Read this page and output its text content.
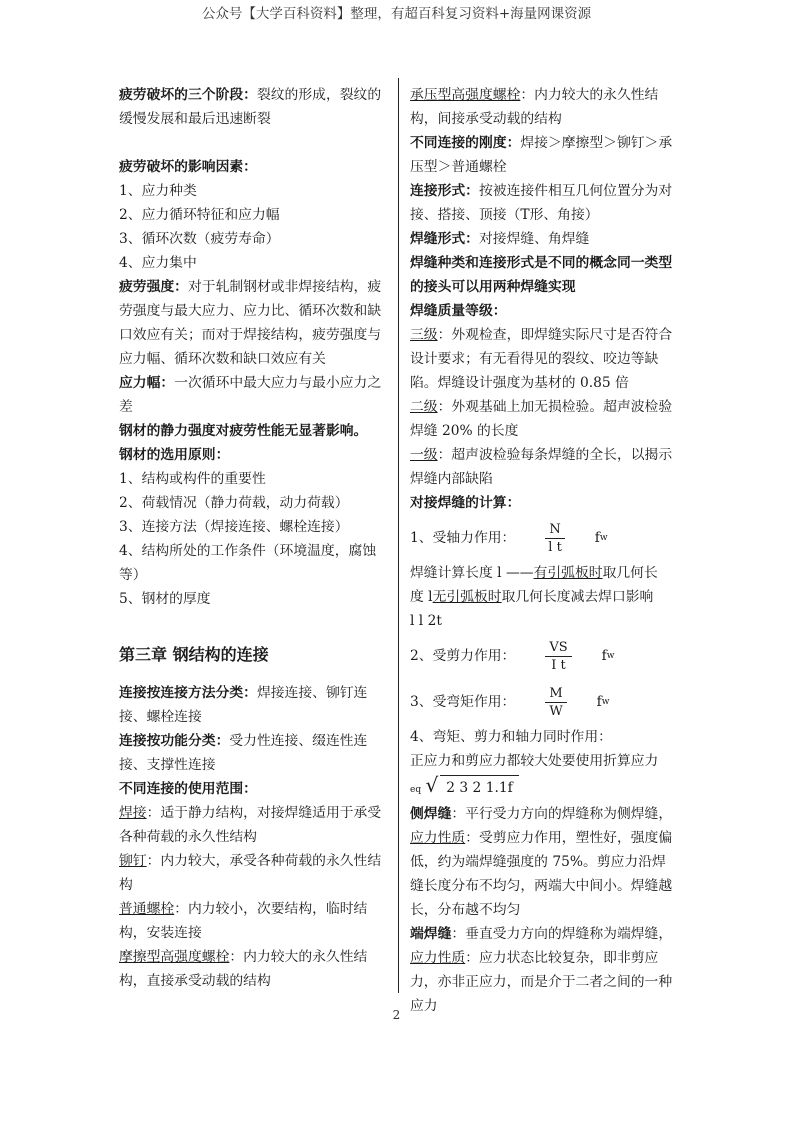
公众号【大学百科资料】整理，有超百科复习资料+海量网课资源

疲劳破坏的三个阶段：裂纹的形成，裂纹的缓慢发展和最后迅速断裂

疲劳破坏的影响因素：

1、应力种类

2、应力循环特征和应力幅

3、循环次数（疲劳寿命）

4、应力集中

疲劳强度：对于轧制钢材或非焊接结构，疲劳强度与最大应力、应力比、循环次数和缺口效应有关；而对于焊接结构，疲劳强度与应力幅、循环次数和缺口效应有关

应力幅：一次循环中最大应力与最小应力之差

钢材的静力强度对疲劳性能无显著影响。

钢材的选用原则：

1、结构或构件的重要性

2、荷载情况（静力荷载，动力荷载）

3、连接方法（焊接连接、螺栓连接）

4、结构所处的工作条件（环境温度，腐蚀等）

5、钢材的厚度

第三章 钢结构的连接

连接按连接方法分类：焊接连接、铆钉连接、螺栓连接

连接按功能分类：受力性连接、缀连性连接、支撑性连接

不同连接的使用范围：

焊接：适于静力结构，对接焊缝适用于承受各种荷载的永久性结构

铆钉：内力较大，承受各种荷载的永久性结构

普通螺栓：内力较小，次要结构，临时结构，安装连接

摩擦型高强度螺栓：内力较大的永久性结构，直接承受动载的结构

承压型高强度螺栓：内力较大的永久性结构，间接承受动载的结构

不同连接的刚度：焊接＞摩擦型＞铆钉＞承压型＞普通螺栓

连接形式：按被连接件相互几何位置分为对接、搭接、顶接（T形、角接）

焊缝形式：对接焊缝、角焊缝

焊缝种类和连接形式是不同的概念同一类型的接头可以用两种焊缝实现

焊缝质量等级：

三级：外观检查，即焊缝实际尺寸是否符合设计要求；有无看得见的裂纹、咬边等缺陷。焊缝设计强度为基材的 0.85 倍

二级：外观基础上加无损检验。超声波检验焊缝 20% 的长度

一级：超声波检验每条焊缝的全长，以揭示焊缝内部缺陷

对接焊缝的计算：

1、受轴力作用： $\frac{N}{\text{l t}}$ f w

焊缝计算长度 l ——有引弧板时取几何长

度 l无引弧板时取几何长度减去焊口影响

l l 2t

2、受剪力作用： $\frac{VS}{\text{I t}}$ f w
3、受弯矩作用： $\frac{M}{W}$ f w

4、弯矩、剪力和轴力同时作用：

正应力和剪应力都较大处要使用折算应力

eq √ 2 3 2 1.1f

侧焊缝：平行受力方向的焊缝称为侧焊缝，

应力性质：受剪应力作用，塑性好，强度偏低，约为端焊缝强度的 75%。剪应力沿焊缝长度分布不均匀，两端大中间小。焊缝越长，分布越不均匀

端焊缝：垂直受力方向的焊缝称为端焊缝，

应力性质：应力状态比较复杂，即非剪应力，亦非正应力，而是介于二者之间的一种应力

2
